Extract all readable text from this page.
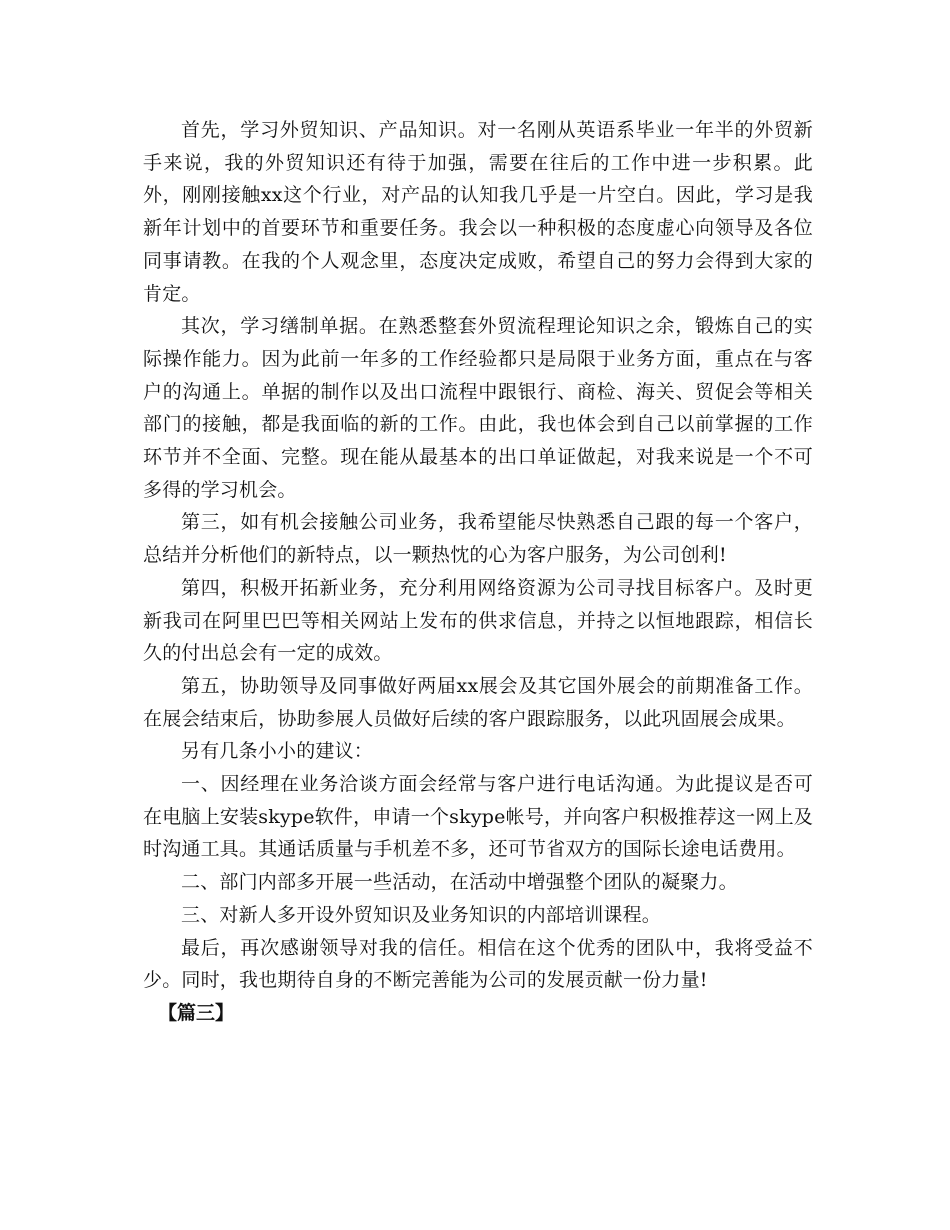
首先，学习外贸知识、产品知识。对一名刚从英语系毕业一年半的外贸新手来说，我的外贸知识还有待于加强，需要在往后的工作中进一步积累。此外，刚刚接触xx这个行业，对产品的认知我几乎是一片空白。因此，学习是我新年计划中的首要环节和重要任务。我会以一种积极的态度虚心向领导及各位同事请教。在我的个人观念里，态度决定成败，希望自己的努力会得到大家的肯定。

其次，学习缮制单据。在熟悉整套外贸流程理论知识之余，锻炼自己的实际操作能力。因为此前一年多的工作经验都只是局限于业务方面，重点在与客户的沟通上。单据的制作以及出口流程中跟银行、商检、海关、贸促会等相关部门的接触，都是我面临的新的工作。由此，我也体会到自己以前掌握的工作环节并不全面、完整。现在能从最基本的出口单证做起，对我来说是一个不可多得的学习机会。

第三，如有机会接触公司业务，我希望能尽快熟悉自己跟的每一个客户，总结并分析他们的新特点，以一颗热忱的心为客户服务，为公司创利!

第四，积极开拓新业务，充分利用网络资源为公司寻找目标客户。及时更新我司在阿里巴巴等相关网站上发布的供求信息，并持之以恒地跟踪，相信长久的付出总会有一定的成效。

第五，协助领导及同事做好两届xx展会及其它国外展会的前期准备工作。在展会结束后，协助参展人员做好后续的客户跟踪服务，以此巩固展会成果。

另有几条小小的建议：

一、因经理在业务洽谈方面会经常与客户进行电话沟通。为此提议是否可在电脑上安装skype软件，申请一个skype帐号，并向客户积极推荐这一网上及时沟通工具。其通话质量与手机差不多，还可节省双方的国际长途电话费用。

二、部门内部多开展一些活动，在活动中增强整个团队的凝聚力。

三、对新人多开设外贸知识及业务知识的内部培训课程。

最后，再次感谢领导对我的信任。相信在这个优秀的团队中，我将受益不少。同时，我也期待自身的不断完善能为公司的发展贡献一份力量!

【篇三】
